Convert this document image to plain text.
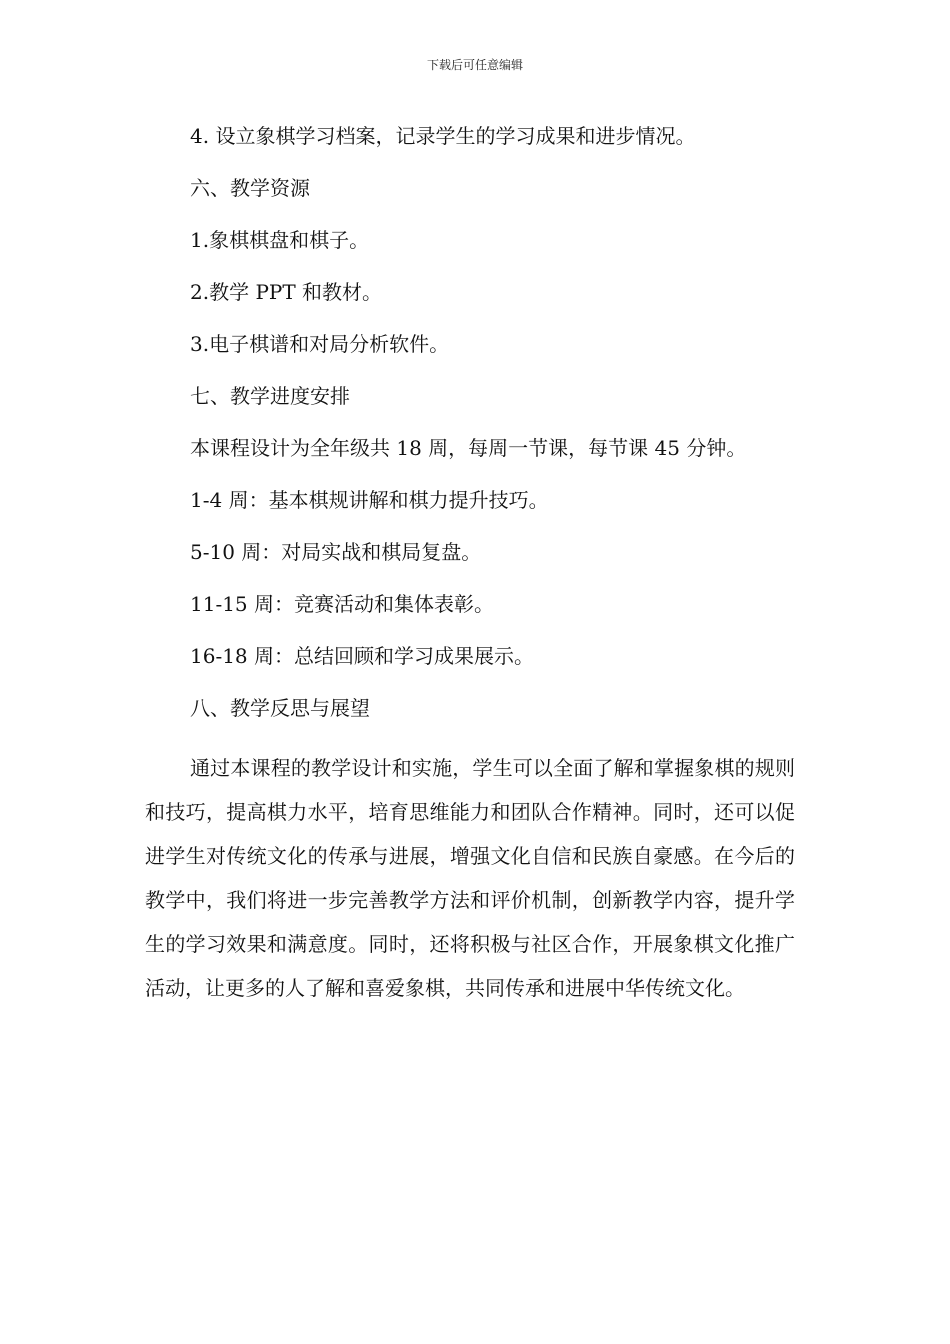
下载后可任意编辑

4. 设立象棋学习档案，记录学生的学习成果和进步情况。

六、教学资源

1.象棋棋盘和棋子。

2.教学 PPT 和教材。

3.电子棋谱和对局分析软件。

七、教学进度安排

本课程设计为全年级共 18 周，每周一节课，每节课 45 分钟。

1-4 周：基本棋规讲解和棋力提升技巧。

5-10 周：对局实战和棋局复盘。

11-15 周：竞赛活动和集体表彰。

16-18 周：总结回顾和学习成果展示。

八、教学反思与展望

通过本课程的教学设计和实施，学生可以全面了解和掌握象棋的规则和技巧，提高棋力水平，培育思维能力和团队合作精神。同时，还可以促进学生对传统文化的传承与进展，增强文化自信和民族自豪感。在今后的教学中，我们将进一步完善教学方法和评价机制，创新教学内容，提升学生的学习效果和满意度。同时，还将积极与社区合作，开展象棋文化推广活动，让更多的人了解和喜爱象棋，共同传承和进展中华传统文化。
